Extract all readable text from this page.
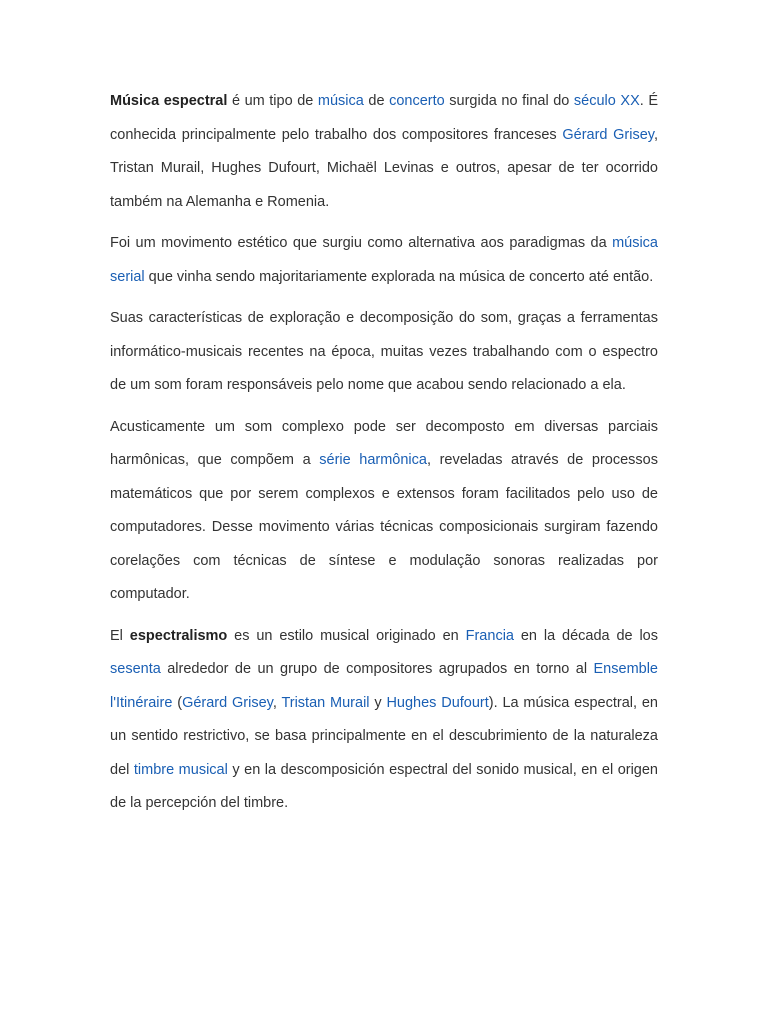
Música espectral é um tipo de música de concerto surgida no final do século XX. É conhecida principalmente pelo trabalho dos compositores franceses Gérard Grisey, Tristan Murail, Hughes Dufourt, Michaël Levinas e outros, apesar de ter ocorrido também na Alemanha e Romenia.

Foi um movimento estético que surgiu como alternativa aos paradigmas da música serial que vinha sendo majoritariamente explorada na música de concerto até então.

Suas características de exploração e decomposição do som, graças a ferramentas informático-musicais recentes na época, muitas vezes trabalhando com o espectro de um som foram responsáveis pelo nome que acabou sendo relacionado a ela.

Acusticamente um som complexo pode ser decomposto em diversas parciais harmônicas, que compõem a série harmônica, reveladas através de processos matemáticos que por serem complexos e extensos foram facilitados pelo uso de computadores. Desse movimento várias técnicas composicionais surgiram fazendo corelações com técnicas de síntese e modulação sonoras realizadas por computador.

El espectralismo es un estilo musical originado en Francia en la década de los sesenta alrededor de un grupo de compositores agrupados en torno al Ensemble l'Itinéraire (Gérard Grisey, Tristan Murail y Hughes Dufourt). La música espectral, en un sentido restrictivo, se basa principalmente en el descubrimiento de la naturaleza del timbre musical y en la descomposición espectral del sonido musical, en el origen de la percepción del timbre.
